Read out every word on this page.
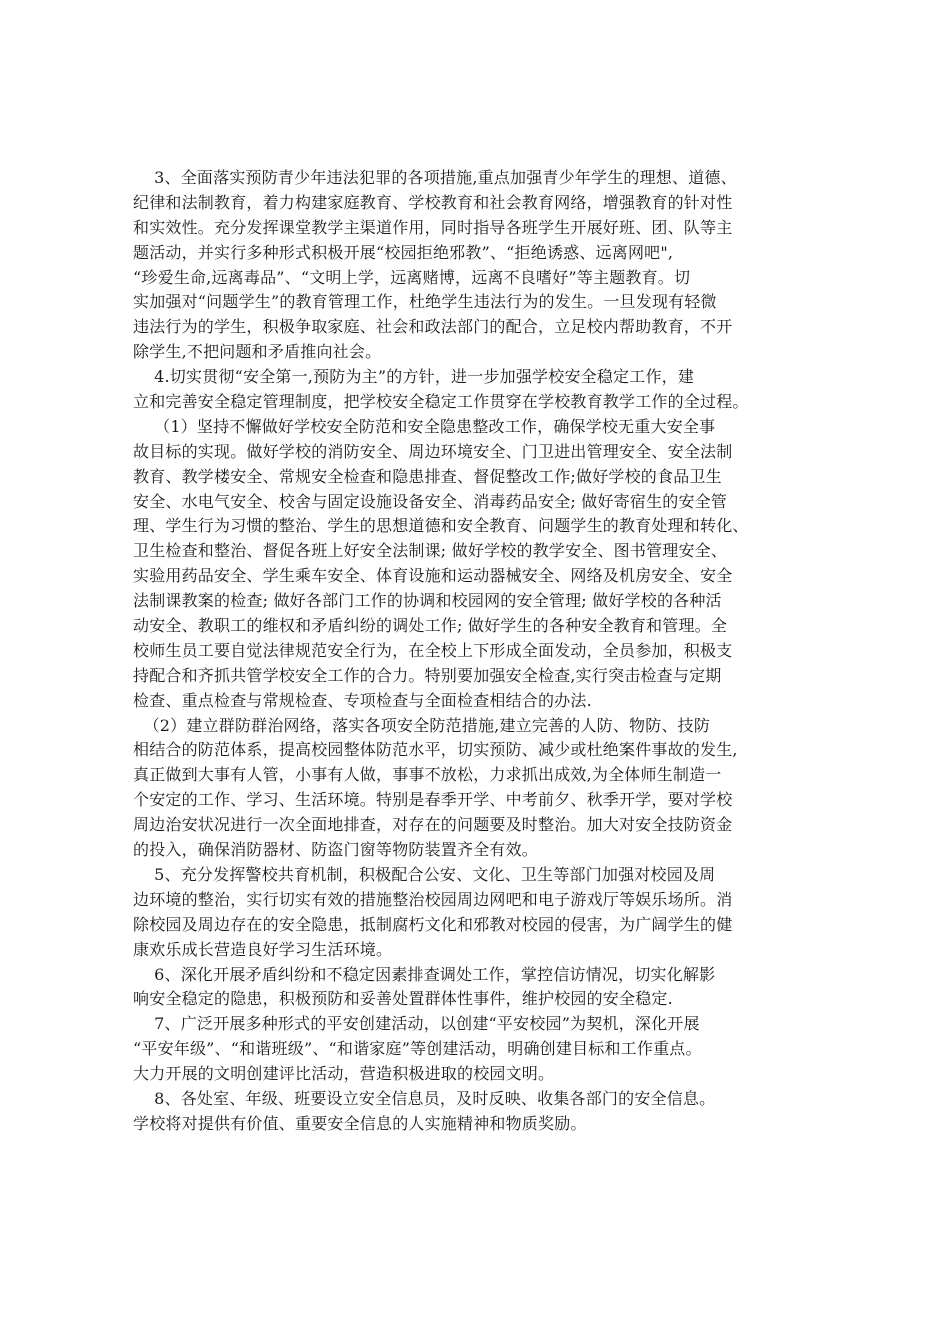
3、全面落实预防青少年违法犯罪的各项措施,重点加强青少年学生的理想、道德、
纪律和法制教育，着力构建家庭教育、学校教育和社会教育网络，增强教育的针对性
和实效性。充分发挥课堂教学主渠道作用，同时指导各班学生开展好班、团、队等主
题活动，并实行多种形式积极开展“校园拒绝邪教”、“拒绝诱惑、远离网吧",
“珍爱生命,远离毒品”、“文明上学，远离赌博，远离不良嗜好”等主题教育。切
实加强对“问题学生”的教育管理工作，杜绝学生违法行为的发生。一旦发现有轻微
违法行为的学生，积极争取家庭、社会和政法部门的配合，立足校内帮助教育，不开
除学生,不把问题和矛盾推向社会。
4.切实贯彻“安全第一,预防为主”的方针，进一步加强学校安全稳定工作，建
立和完善安全稳定管理制度，把学校安全稳定工作贯穿在学校教育教学工作的全过程。
（1）坚持不懈做好学校安全防范和安全隐患整改工作，确保学校无重大安全事
故目标的实现。做好学校的消防安全、周边环境安全、门卫进出管理安全、安全法制
教育、教学楼安全、常规安全检查和隐患排查、督促整改工作;做好学校的食品卫生
安全、水电气安全、校舍与固定设施设备安全、消毒药品安全; 做好寄宿生的安全管
理、学生行为习惯的整治、学生的思想道德和安全教育、问题学生的教育处理和转化、
卫生检查和整治、督促各班上好安全法制课; 做好学校的教学安全、图书管理安全、
实验用药品安全、学生乘车安全、体育设施和运动器械安全、网络及机房安全、安全
法制课教案的检查; 做好各部门工作的协调和校园网的安全管理; 做好学校的各种活
动安全、教职工的维权和矛盾纠纷的调处工作; 做好学生的各种安全教育和管理。全
校师生员工要自觉法律规范安全行为，在全校上下形成全面发动，全员参加，积极支
持配合和齐抓共管学校安全工作的合力。特别要加强安全检查,实行突击检查与定期
检查、重点检查与常规检查、专项检查与全面检查相结合的办法.
（2）建立群防群治网络，落实各项安全防范措施,建立完善的人防、物防、技防
相结合的防范体系，提高校园整体防范水平，切实预防、减少或杜绝案件事故的发生,
真正做到大事有人管，小事有人做，事事不放松，力求抓出成效,为全体师生制造一
个安定的工作、学习、生活环境。特别是春季开学、中考前夕、秋季开学，要对学校
周边治安状况进行一次全面地排查，对存在的问题要及时整治。加大对安全技防资金
的投入，确保消防器材、防盗门窗等物防装置齐全有效。
5、充分发挥警校共育机制，积极配合公安、文化、卫生等部门加强对校园及周
边环境的整治，实行切实有效的措施整治校园周边网吧和电子游戏厅等娱乐场所。消
除校园及周边存在的安全隐患，抵制腐朽文化和邪教对校园的侵害，为广阔学生的健
康欢乐成长营造良好学习生活环境。
6、深化开展矛盾纠纷和不稳定因素排查调处工作，掌控信访情况，切实化解影
响安全稳定的隐患，积极预防和妥善处置群体性事件，维护校园的安全稳定.
7、广泛开展多种形式的平安创建活动，以创建“平安校园”为契机，深化开展
“平安年级”、“和谐班级”、“和谐家庭”等创建活动，明确创建目标和工作重点。
大力开展的文明创建评比活动，营造积极进取的校园文明。
8、各处室、年级、班要设立安全信息员，及时反映、收集各部门的安全信息。
学校将对提供有价值、重要安全信息的人实施精神和物质奖励。
